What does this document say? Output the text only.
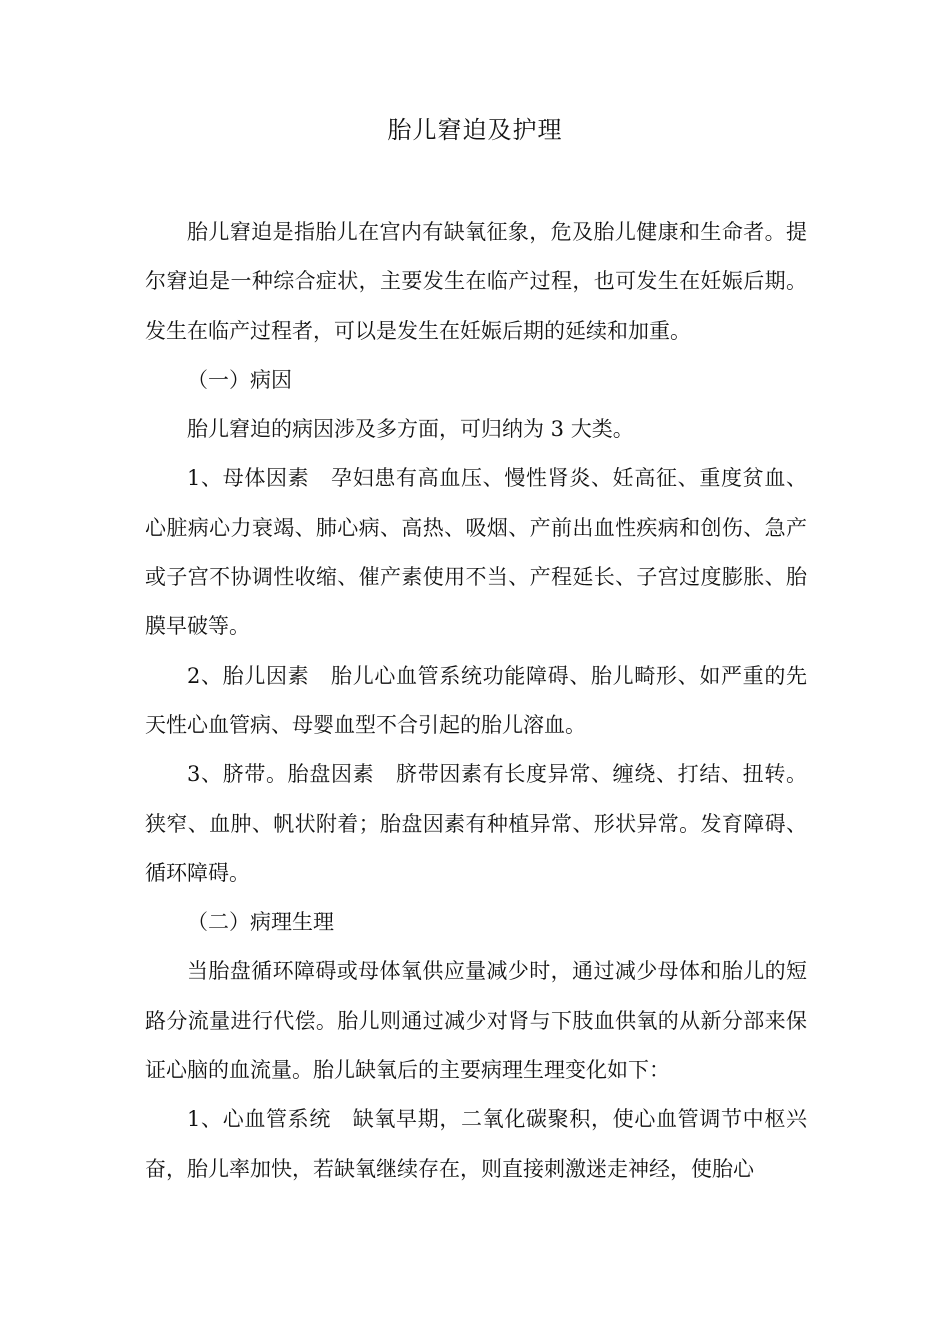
胎儿窘迫及护理

胎儿窘迫是指胎儿在宫内有缺氧征象，危及胎儿健康和生命者。提尔窘迫是一种综合症状，主要发生在临产过程，也可发生在妊娠后期。发生在临产过程者，可以是发生在妊娠后期的延续和加重。

（一）病因

胎儿窘迫的病因涉及多方面，可归纳为 3 大类。

1、母体因素 孕妇患有高血压、慢性肾炎、妊高征、重度贫血、心脏病心力衰竭、肺心病、高热、吸烟、产前出血性疾病和创伤、急产或子宫不协调性收缩、催产素使用不当、产程延长、子宫过度膨胀、胎膜早破等。

2、胎儿因素 胎儿心血管系统功能障碍、胎儿畸形、如严重的先天性心血管病、母婴血型不合引起的胎儿溶血。

3、脐带。胎盘因素 脐带因素有长度异常、缠绕、打结、扭转。狭窄、血肿、帆状附着；胎盘因素有种植异常、形状异常。发育障碍、循环障碍。

（二）病理生理

当胎盘循环障碍或母体氧供应量减少时，通过减少母体和胎儿的短路分流量进行代偿。胎儿则通过减少对肾与下肢血供氧的从新分部来保证心脑的血流量。胎儿缺氧后的主要病理生理变化如下：

1、心血管系统 缺氧早期，二氧化碳聚积，使心血管调节中枢兴奋，胎儿率加快，若缺氧继续存在，则直接刺激迷走神经，使胎心
